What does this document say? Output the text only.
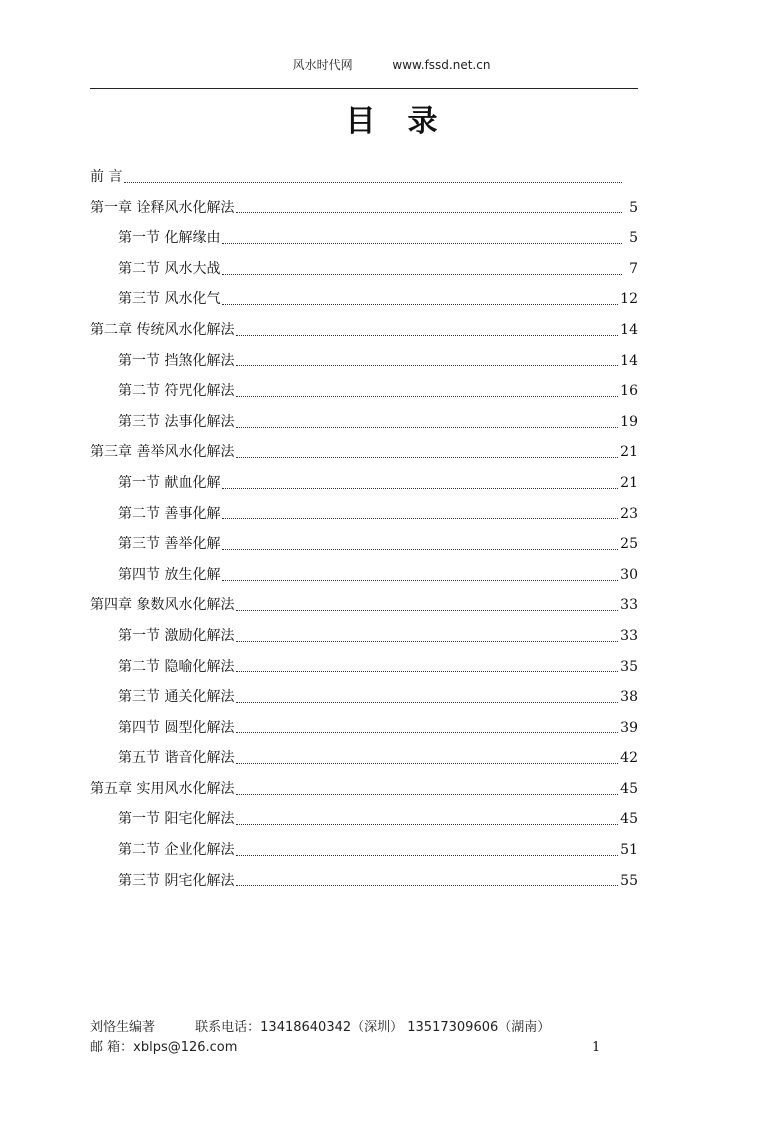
风水时代网	www.fssd.net.cn
目录
前 言
第一章 诠释风水化解法	5
第一节 化解缘由	5
第二节 风水大战	7
第三节 风水化气	12
第二章 传统风水化解法	14
第一节 挡煞化解法	14
第二节 符咒化解法	16
第三节 法事化解法	19
第三章 善举风水化解法	21
第一节 献血化解	21
第二节 善事化解	23
第三节 善举化解	25
第四节 放生化解	30
第四章 象数风水化解法	33
第一节 激励化解法	33
第二节 隐喻化解法	35
第三节 通关化解法	38
第四节 圆型化解法	39
第五节 谐音化解法	42
第五章 实用风水化解法	45
第一节 阳宅化解法	45
第二节 企业化解法	51
第三节 阴宅化解法	55
刘恪生编著	联系电话：13418640342（深圳） 13517309606（湖南）
邮 箱：xblps@126.com	1
